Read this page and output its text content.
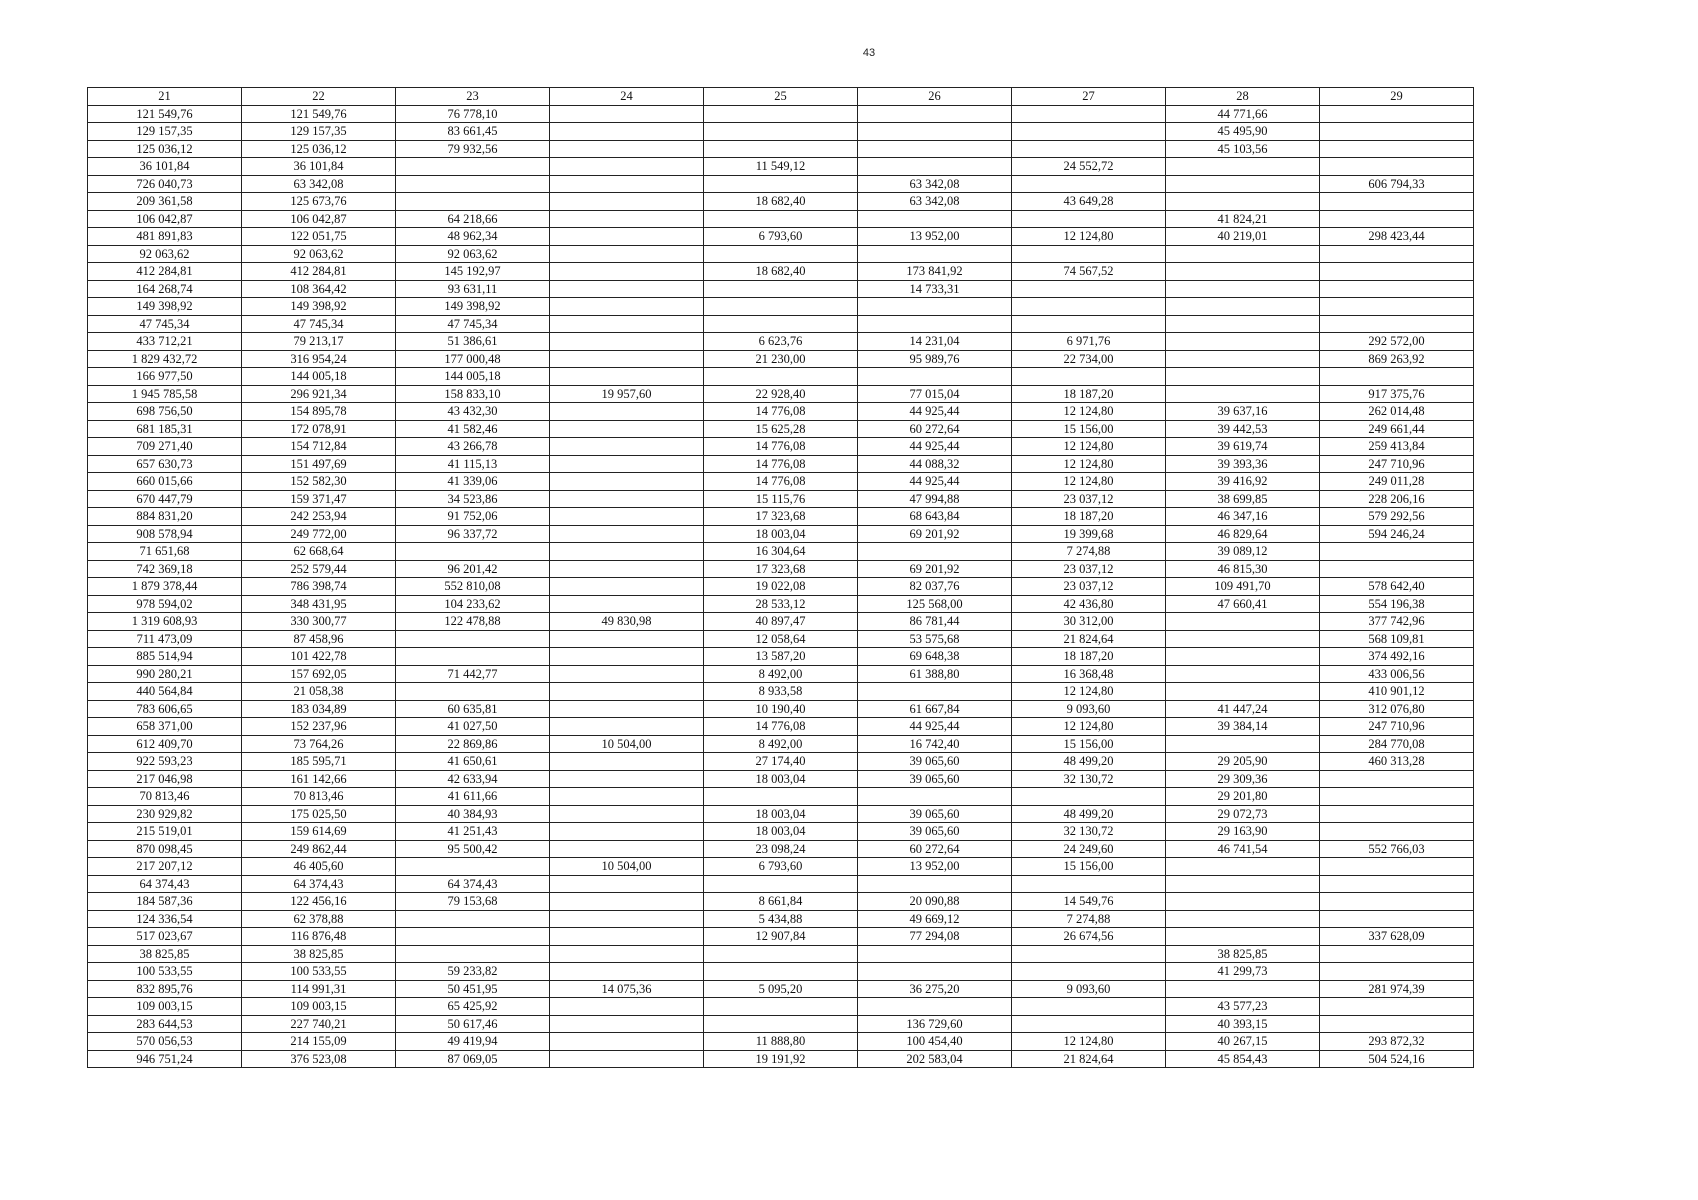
43
21	22	23	24	25	26	27	28	29
121 549,76	121 549,76	76 778,10					44 771,66	
129 157,35	129 157,35	83 661,45					45 495,90	
125 036,12	125 036,12	79 932,56					45 103,56	
36 101,84	36 101,84			11 549,12		24 552,72		
726 040,73	63 342,08				63 342,08			606 794,33
209 361,58	125 673,76			18 682,40	63 342,08	43 649,28		
106 042,87	106 042,87	64 218,66					41 824,21	
481 891,83	122 051,75	48 962,34		6 793,60	13 952,00	12 124,80	40 219,01	298 423,44
92 063,62	92 063,62	92 063,62						
412 284,81	412 284,81	145 192,97		18 682,40	173 841,92	74 567,52		
164 268,74	108 364,42	93 631,11			14 733,31			
149 398,92	149 398,92	149 398,92						
47 745,34	47 745,34	47 745,34						
433 712,21	79 213,17	51 386,61		6 623,76	14 231,04	6 971,76		292 572,00
1 829 432,72	316 954,24	177 000,48		21 230,00	95 989,76	22 734,00		869 263,92
166 977,50	144 005,18	144 005,18						
1 945 785,58	296 921,34	158 833,10	19 957,60	22 928,40	77 015,04	18 187,20		917 375,76
698 756,50	154 895,78	43 432,30		14 776,08	44 925,44	12 124,80	39 637,16	262 014,48
681 185,31	172 078,91	41 582,46		15 625,28	60 272,64	15 156,00	39 442,53	249 661,44
709 271,40	154 712,84	43 266,78		14 776,08	44 925,44	12 124,80	39 619,74	259 413,84
657 630,73	151 497,69	41 115,13		14 776,08	44 088,32	12 124,80	39 393,36	247 710,96
660 015,66	152 582,30	41 339,06		14 776,08	44 925,44	12 124,80	39 416,92	249 011,28
670 447,79	159 371,47	34 523,86		15 115,76	47 994,88	23 037,12	38 699,85	228 206,16
884 831,20	242 253,94	91 752,06		17 323,68	68 643,84	18 187,20	46 347,16	579 292,56
908 578,94	249 772,00	96 337,72		18 003,04	69 201,92	19 399,68	46 829,64	594 246,24
71 651,68	62 668,64			16 304,64		7 274,88	39 089,12	
742 369,18	252 579,44	96 201,42		17 323,68	69 201,92	23 037,12	46 815,30	
1 879 378,44	786 398,74	552 810,08		19 022,08	82 037,76	23 037,12	109 491,70	578 642,40
978 594,02	348 431,95	104 233,62		28 533,12	125 568,00	42 436,80	47 660,41	554 196,38
1 319 608,93	330 300,77	122 478,88	49 830,98	40 897,47	86 781,44	30 312,00		377 742,96
711 473,09	87 458,96			12 058,64	53 575,68	21 824,64		568 109,81
885 514,94	101 422,78			13 587,20	69 648,38	18 187,20		374 492,16
990 280,21	157 692,05	71 442,77		8 492,00	61 388,80	16 368,48		433 006,56
440 564,84	21 058,38			8 933,58		12 124,80		410 901,12
783 606,65	183 034,89	60 635,81		10 190,40	61 667,84	9 093,60	41 447,24	312 076,80
658 371,00	152 237,96	41 027,50		14 776,08	44 925,44	12 124,80	39 384,14	247 710,96
612 409,70	73 764,26	22 869,86	10 504,00	8 492,00	16 742,40	15 156,00		284 770,08
922 593,23	185 595,71	41 650,61		27 174,40	39 065,60	48 499,20	29 205,90	460 313,28
217 046,98	161 142,66	42 633,94		18 003,04	39 065,60	32 130,72	29 309,36	
70 813,46	70 813,46	41 611,66					29 201,80	
230 929,82	175 025,50	40 384,93		18 003,04	39 065,60	48 499,20	29 072,73	
215 519,01	159 614,69	41 251,43		18 003,04	39 065,60	32 130,72	29 163,90	
870 098,45	249 862,44	95 500,42		23 098,24	60 272,64	24 249,60	46 741,54	552 766,03
217 207,12	46 405,60		10 504,00	6 793,60	13 952,00	15 156,00		
64 374,43	64 374,43	64 374,43						
184 587,36	122 456,16	79 153,68		8 661,84	20 090,88	14 549,76		
124 336,54	62 378,88			5 434,88	49 669,12	7 274,88		
517 023,67	116 876,48			12 907,84	77 294,08	26 674,56		337 628,09
38 825,85	38 825,85						38 825,85	
100 533,55	100 533,55	59 233,82					41 299,73	
832 895,76	114 991,31	50 451,95	14 075,36	5 095,20	36 275,20	9 093,60		281 974,39
109 003,15	109 003,15	65 425,92					43 577,23	
283 644,53	227 740,21	50 617,46			136 729,60		40 393,15	
570 056,53	214 155,09	49 419,94		11 888,80	100 454,40	12 124,80	40 267,15	293 872,32
946 751,24	376 523,08	87 069,05		19 191,92	202 583,04	21 824,64	45 854,43	504 524,16
